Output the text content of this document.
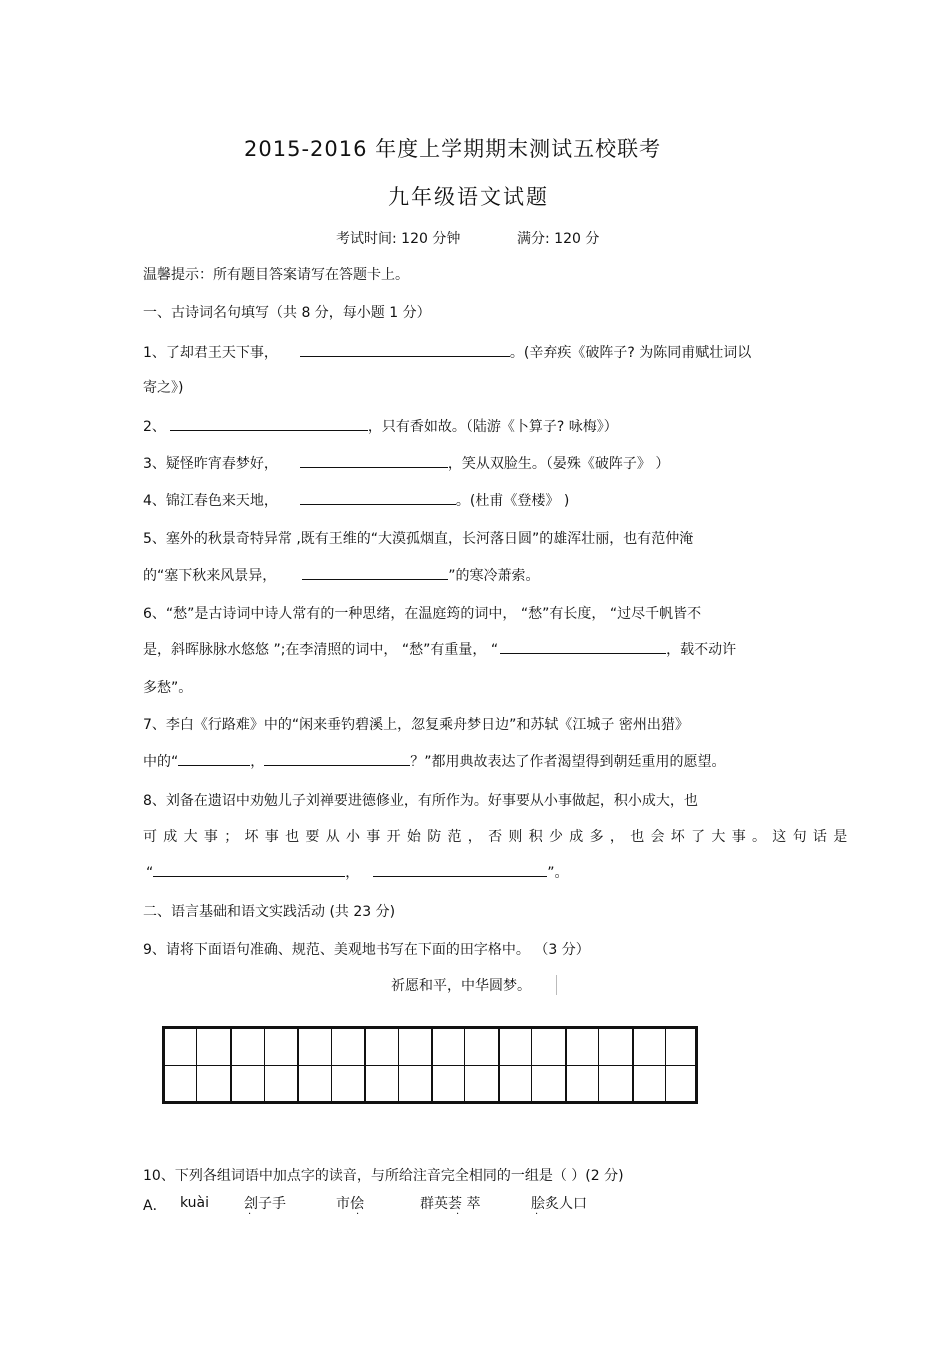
2015-2016 年度上学期期末测试五校联考
九年级语文试题
考试时间: 120 分钟	满分: 120 分
温馨提示：所有题目答案请写在答题卡上。
一、古诗词名句填写（共 8 分，每小题 1 分）
1、了却君王天下事，	。(辛弃疾《破阵子? 为陈同甫赋壮词以
寄之》)
2、	，只有香如故。（陆游《卜算子? 咏梅》）
3、疑怪昨宵春梦好，	，笑从双脸生。（晏殊《破阵子》 ）
4、锦江春色来天地，	。(杜甫《登楼》 )
5、塞外的秋景奇特异常 ,既有王维的“大漠孤烟直，长河落日圆”的雄浑壮丽，也有范仲淹
的“塞下秋来风景异，	”的寒冷萧索。
6、“愁”是古诗词中诗人常有的一种思绪，在温庭筠的词中， “愁”有长度， “过尽千帆皆不
是，斜晖脉脉水悠悠 ”;在李清照的词中， “愁”有重量， “	，载不动许
多愁”。
7、李白《行路难》中的“闲来垂钓碧溪上，忽复乘舟梦日边”和苏轼《江城子 密州出猎》
中的“	，	？”都用典故表达了作者渴望得到朝廷重用的愿望。
8、刘备在遗诏中劝勉儿子刘禅要进德修业，有所作为。好事要从小事做起，积小成大，也
可成大事；坏事也要从小事开始防范，否则积少成多，也会坏了大事。这句话是
“	，	”。
二、语言基础和语文实践活动 (共 23 分)
9、请将下面语句准确、规范、美观地书写在下面的田字格中。 （3 分）
祈愿和平，中华圆梦。
10、下列各组词语中加点字的读音，与所给注音完全相同的一组是（ ）(2 分)
A． kuài 刽子手	市侩	群英荟 萃	脍炙人口
·	·	·	·
